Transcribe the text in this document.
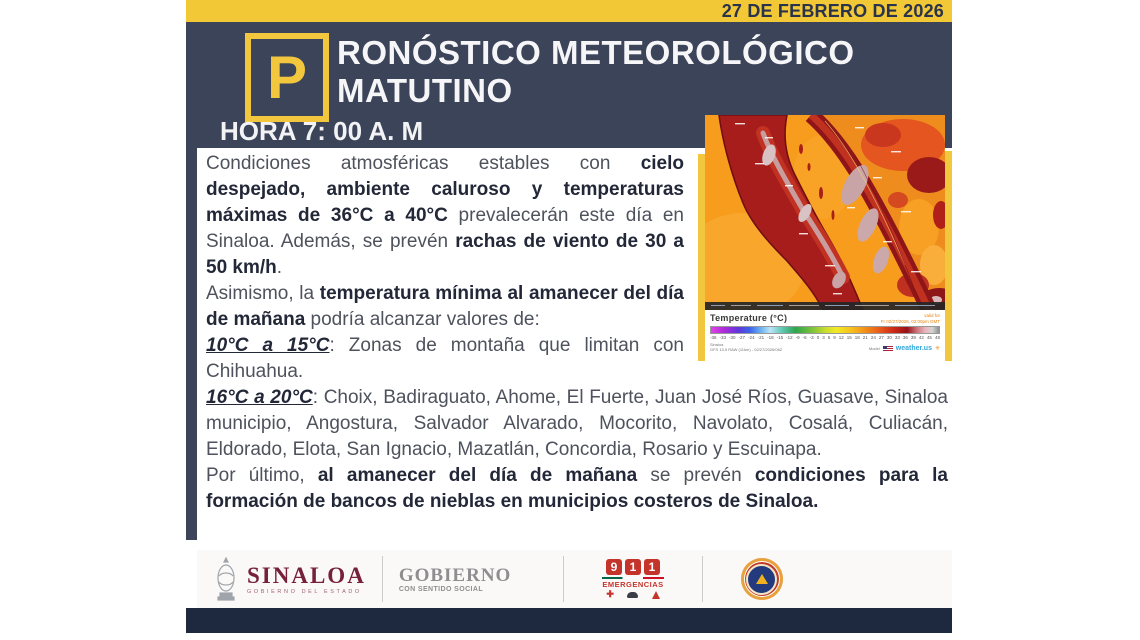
27 DE FEBRERO DE 2026
P RONÓSTICO METEOROLÓGICO
MATUTINO
HORA 7: 00 A. M
Temperature (°C)	valid for
Fr 02/27/2026, 02:00pm GMT
-36 -33 -30 -27 -24 -21 -18 -15 -12 -9 -6 -3 0 3 6 9 12 15 18 21 24 27 30 33 36 39 42 45 48
Sinaloa
GFS 13.5 RAW (11km) - 02/27/2026/06Z	Model weather.us ✳

Condiciones atmosféricas estables con cielo despejado, ambiente caluroso y temperaturas máximas de 36°C a 40°C prevalecerán este día en Sinaloa. Además, se prevén rachas de viento de 30 a 50 km/h.

Asimismo, la temperatura mínima al amanecer del día de mañana podría alcanzar valores de:

10°C a 15°C: Zonas de montaña que limitan con Chihuahua.

16°C a 20°C: Choix, Badiraguato, Ahome, El Fuerte, Juan José Ríos, Guasave, Sinaloa municipio, Angostura, Salvador Alvarado, Mocorito, Navolato, Cosalá, Culiacán, Eldorado, Elota, San Ignacio, Mazatlán, Concordia, Rosario y Escuinapa.

Por último, al amanecer del día de mañana se prevén condiciones para la formación de bancos de nieblas en municipios costeros de Sinaloa.

SINALOA
GOBIERNO DEL ESTADO
GOBIERNO
CON SENTIDO SOCIAL
9	1	1
EMERGENCIAS
✚
